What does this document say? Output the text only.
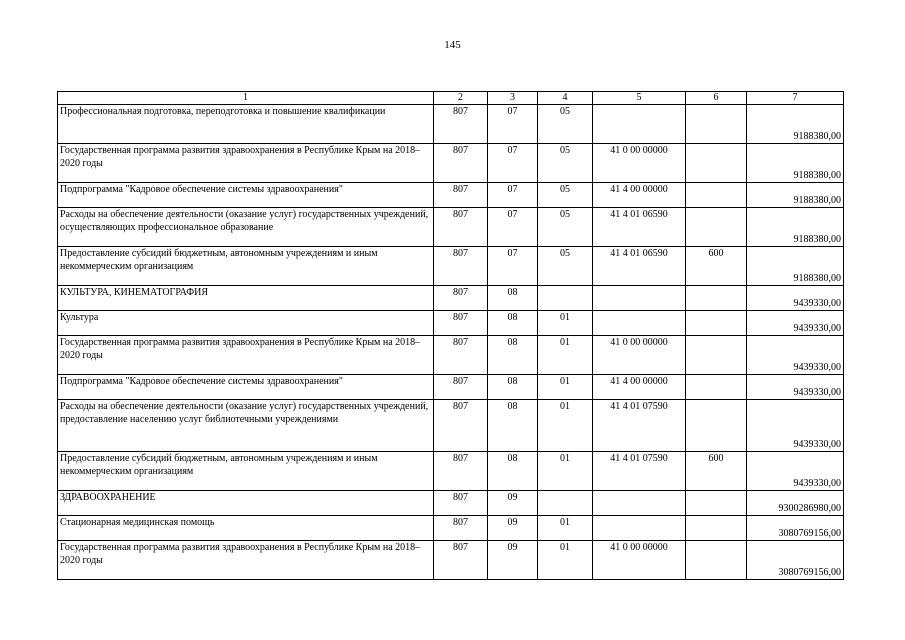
145
1	2	3	4	5	6	7
Профессиональная подготовка, переподготовка и повышение квалификации	807	07	05			9188380,00
Государственная программа развития здравоохранения в Республике Крым на 2018–2020 годы	807	07	05	41 0 00 00000		9188380,00
Подпрограмма "Кадровое обеспечение системы здравоохранения"	807	07	05	41 4 00 00000		9188380,00
Расходы на обеспечение деятельности (оказание услуг) государственных учреждений, осуществляющих профессиональное образование	807	07	05	41 4 01 06590		9188380,00
Предоставление субсидий бюджетным, автономным учреждениям и иным некоммерческим организациям	807	07	05	41 4 01 06590	600	9188380,00
КУЛЬТУРА, КИНЕМАТОГРАФИЯ	807	08				9439330,00
Культура	807	08	01			9439330,00
Государственная программа развития здравоохранения в Республике Крым на 2018–2020 годы	807	08	01	41 0 00 00000		9439330,00
Подпрограмма "Кадровое обеспечение системы здравоохранения"	807	08	01	41 4 00 00000		9439330,00
Расходы на обеспечение деятельности (оказание услуг) государственных учреждений, предоставление населению услуг библиотечными учреждениями	807	08	01	41 4 01 07590		9439330,00
Предоставление субсидий бюджетным, автономным учреждениям и иным некоммерческим организациям	807	08	01	41 4 01 07590	600	9439330,00
ЗДРАВООХРАНЕНИЕ	807	09				9300286980,00
Стационарная медицинская помощь	807	09	01			3080769156,00
Государственная программа развития здравоохранения в Республике Крым на 2018–2020 годы	807	09	01	41 0 00 00000		3080769156,00
